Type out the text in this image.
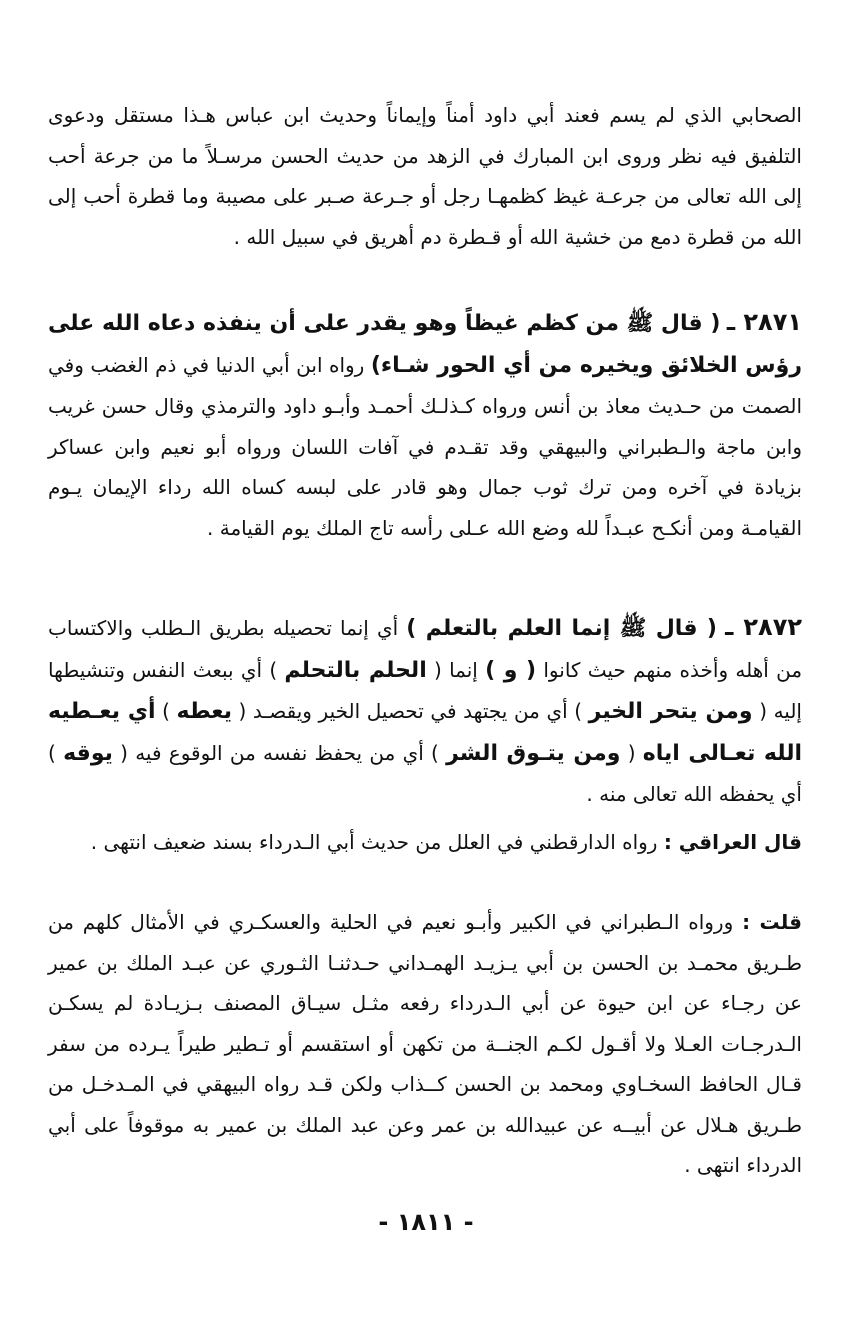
الصحابي الذي لم يسم فعند أبي داود أمناً وإيماناً وحديث ابن عباس هـذا مستقل ودعوى التلفيق فيه نظر وروى ابن المبارك في الزهد من حديث الحسن مرسـلاً ما من جرعة أحب إلى الله تعالى من جرعـة غيظ كظمهـا رجل أو جـرعة صـبر على مصيبة وما قطرة أحب إلى الله من قطرة دمع من خشية الله أو قـطرة دم أهريق في سبيل الله .

٢٨٧١ ـ ( قال ﷺ من كظم غيظاً وهو يقدر على أن ينفذه دعاه الله على رؤس الخلائق ويخيره من أي الحور شـاء) رواه ابن أبي الدنيا في ذم الغضب وفي الصمت من حـديث معاذ بن أنس ورواه كـذلـك أحمـد وأبـو داود والترمذي وقال حسن غريب وابن ماجة والـطبراني والبيهقي وقد تقـدم في آفات اللسان ورواه أبو نعيم وابن عساكر بزيادة في آخره ومن ترك ثوب جمال وهو قادر على لبسه كساه الله رداء الإيمان يـوم القيامـة ومن أنكـح عبـداً لله وضع الله عـلى رأسه تاج الملك يوم القيامة .

٢٨٧٢ ـ ( قال ﷺ إنما العلم بالتعلم ) أي إنما تحصيله بطريق الـطلب والاكتساب من أهله وأخذه منهم حيث كانوا ( و ) إنما ( الحلم بالتحلم ) أي ببعث النفس وتنشيطها إليه ( ومن يتحر الخير ) أي من يجتهد في تحصيل الخير ويقصـد ( يعطه ) أي يعـطيه الله تعـالى اياه ( ومن يتـوق الشر ) أي من يحفظ نفسه من الوقوع فيه ( يوقه ) أي يحفظه الله تعالى منه .

قال العراقي : رواه الدارقطني في العلل من حديث أبي الـدرداء بسند ضعيف انتهى .

قلت : ورواه الـطبراني في الكبير وأبـو نعيم في الحلية والعسكـري في الأمثال كلهم من طـريق محمـد بن الحسن بن أبي يـزيـد الهمـداني حـدثنـا الثـوري عن عبـد الملك بن عمير عن رجـاء عن ابن حيوة عن أبي الـدرداء رفعه مثـل سيـاق المصنف بـزيـادة لم يسكـن الـدرجـات العـلا ولا أقـول لكـم الجنــة من تكهن أو استقسم أو تـطير طيراً يـرده من سفر قـال الحافظ السخـاوي ومحمد بن الحسن كــذاب ولكن قـد رواه البيهقي في المـدخـل من طـريق هـلال عن أبيــه عن عبيدالله بن عمر وعن عبد الملك بن عمير به موقوفاً على أبي الدرداء انتهى .

- ١٨١١ -
